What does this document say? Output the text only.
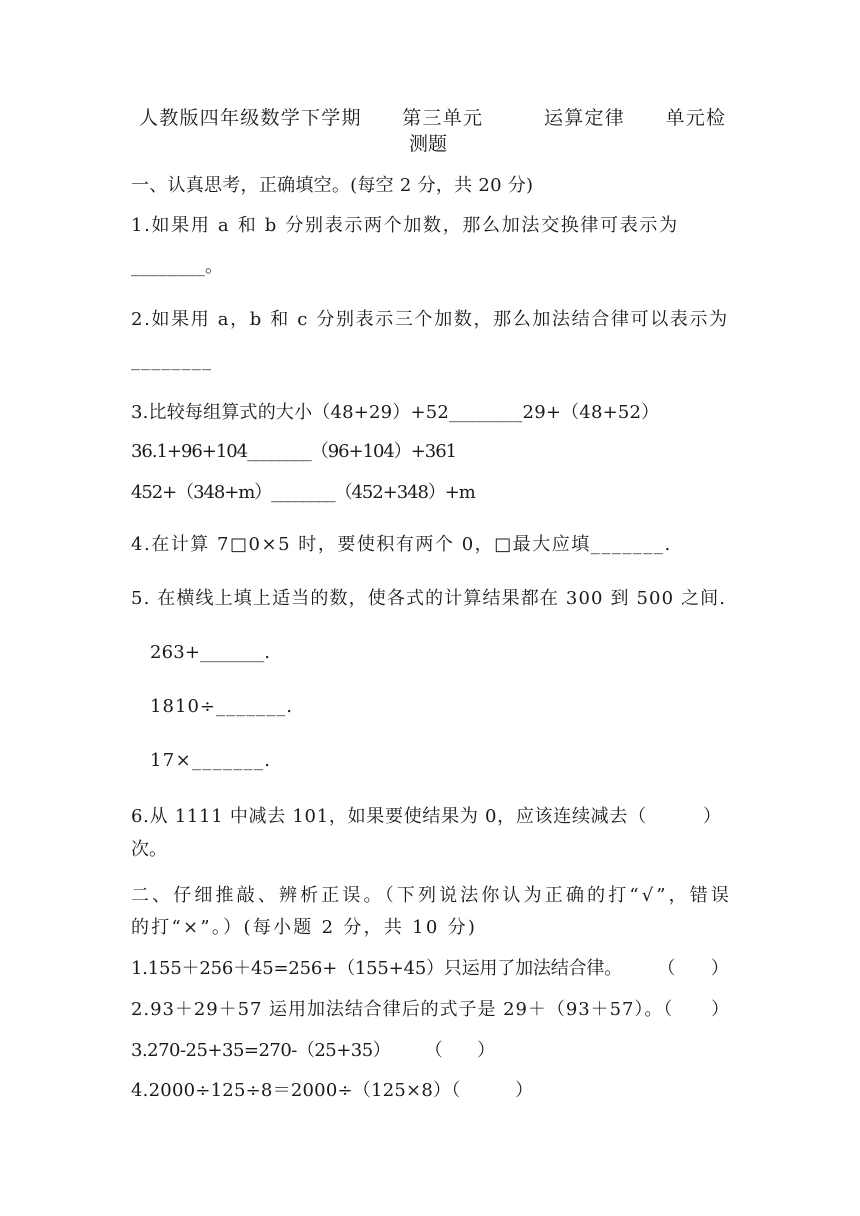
人教版四年级数学下学期　　第三单元　　　运算定律　　单元检
测题
一、认真思考，正确填空。(每空 2 分，共 20 分)
1.如果用 a 和 b 分别表示两个加数，那么加法交换律可表示为
________。
2.如果用 a，b 和 c 分别表示三个加数，那么加法结合律可以表示为
________
3.比较每组算式的大小（48+29）+52________29+（48+52）
36.1+96+104________（96+104）+361
452+（348+m）________（452+348）+m
4.在计算 7□0×5 时，要使积有两个 0，□最大应填_______.
5. 在横线上填上适当的数，使各式的计算结果都在 300 到 500 之间.
263+_______.
1810÷_______.
17×_______.
6.从 1111 中减去 101，如果要使结果为 0，应该连续减去（　　　）
次。
二、仔细推敲、辨析正误。（下列说法你认为正确的打“√”，错误
的打“×”。）(每小题 2 分，共 10 分)
1.155＋256＋45=256+（155+45）只运用了加法结合律。　　　（　　）
2.93＋29＋57 运用加法结合律后的式子是 29＋（93＋57）。（　　）
3.270-25+35=270-（25+35）　　　（　　）
4.2000÷125÷8＝2000÷（125×8）（　　　）
